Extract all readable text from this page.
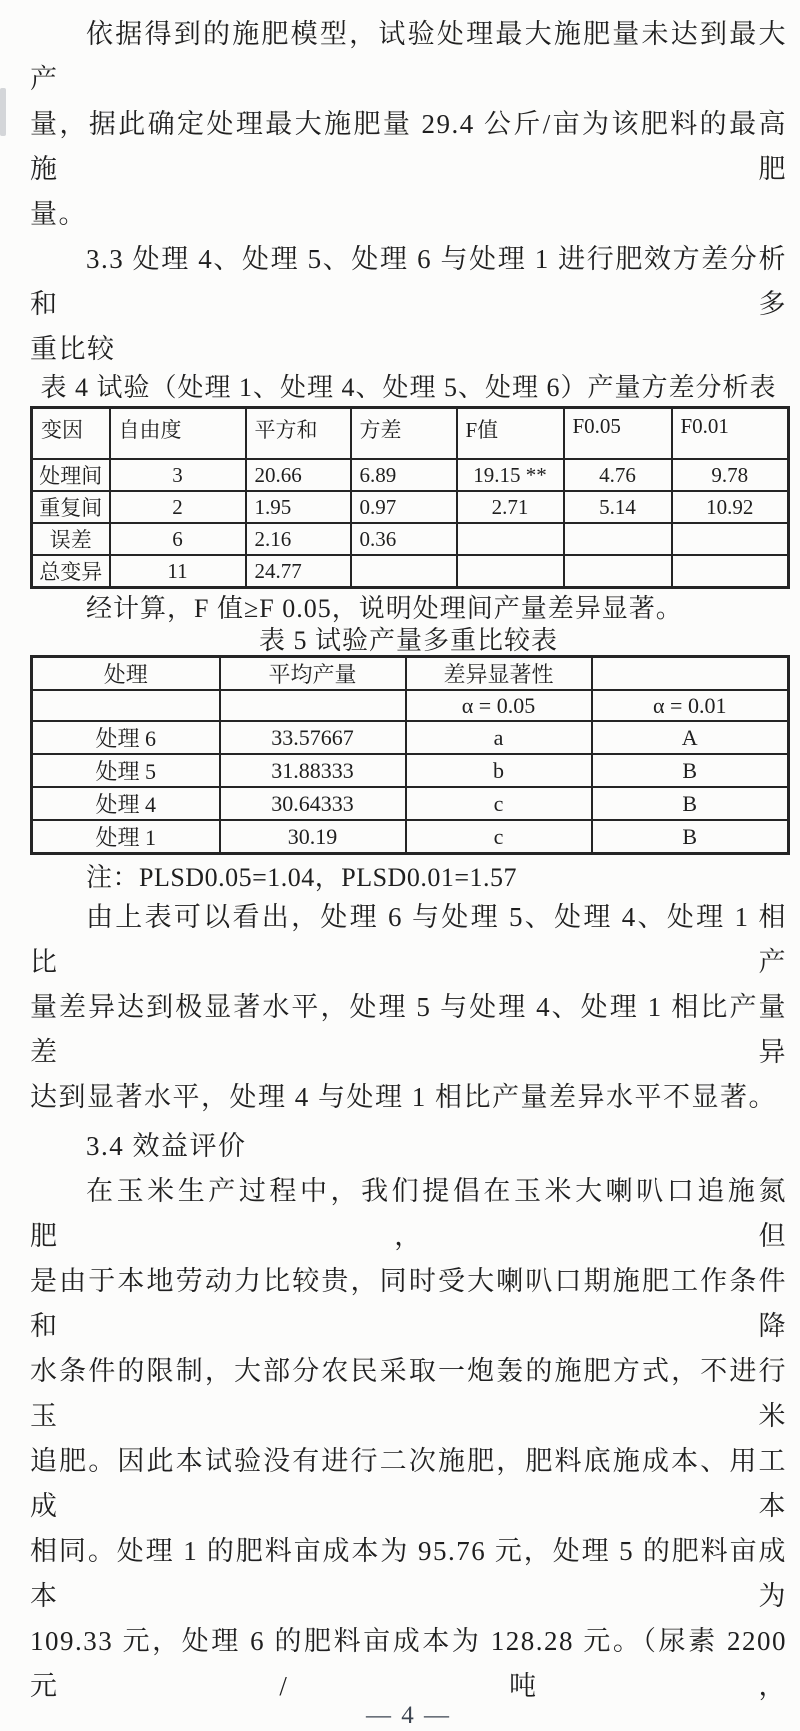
依据得到的施肥模型，试验处理最大施肥量未达到最大产
量，据此确定处理最大施肥量 29.4 公斤/亩为该肥料的最高施肥
量。
3.3 处理 4、处理 5、处理 6 与处理 1 进行肥效方差分析和多
重比较
表 4 试验（处理 1、处理 4、处理 5、处理 6）产量方差分析表
变因	自由度	平方和	方差	F值	F0.05	F0.01
处理间	3	20.66	6.89	19.15 **	4.76	9.78
重复间	2	1.95	0.97	2.71	5.14	10.92
误差	6	2.16	0.36			
总变异	11	24.77				
经计算，F 值≥F 0.05，说明处理间产量差异显著。
表 5 试验产量多重比较表
处理	平均产量	差异显著性	
		α = 0.05	α = 0.01
处理 6	33.57667	a	A
处理 5	31.88333	b	B
处理 4	30.64333	c	B
处理 1	30.19	c	B
注：PLSD0.05=1.04，PLSD0.01=1.57
由上表可以看出，处理 6 与处理 5、处理 4、处理 1 相比产
量差异达到极显著水平，处理 5 与处理 4、处理 1 相比产量差异
达到显著水平，处理 4 与处理 1 相比产量差异水平不显著。
3.4 效益评价
在玉米生产过程中，我们提倡在玉米大喇叭口追施氮肥，但
是由于本地劳动力比较贵，同时受大喇叭口期施肥工作条件和降
水条件的限制，大部分农民采取一炮轰的施肥方式，不进行玉米
追肥。因此本试验没有进行二次施肥，肥料底施成本、用工成本
相同。处理 1 的肥料亩成本为 95.76 元，处理 5 的肥料亩成本为
109.33 元，处理 6 的肥料亩成本为 128.28 元。（尿素 2200 元/吨，
— 4 —
